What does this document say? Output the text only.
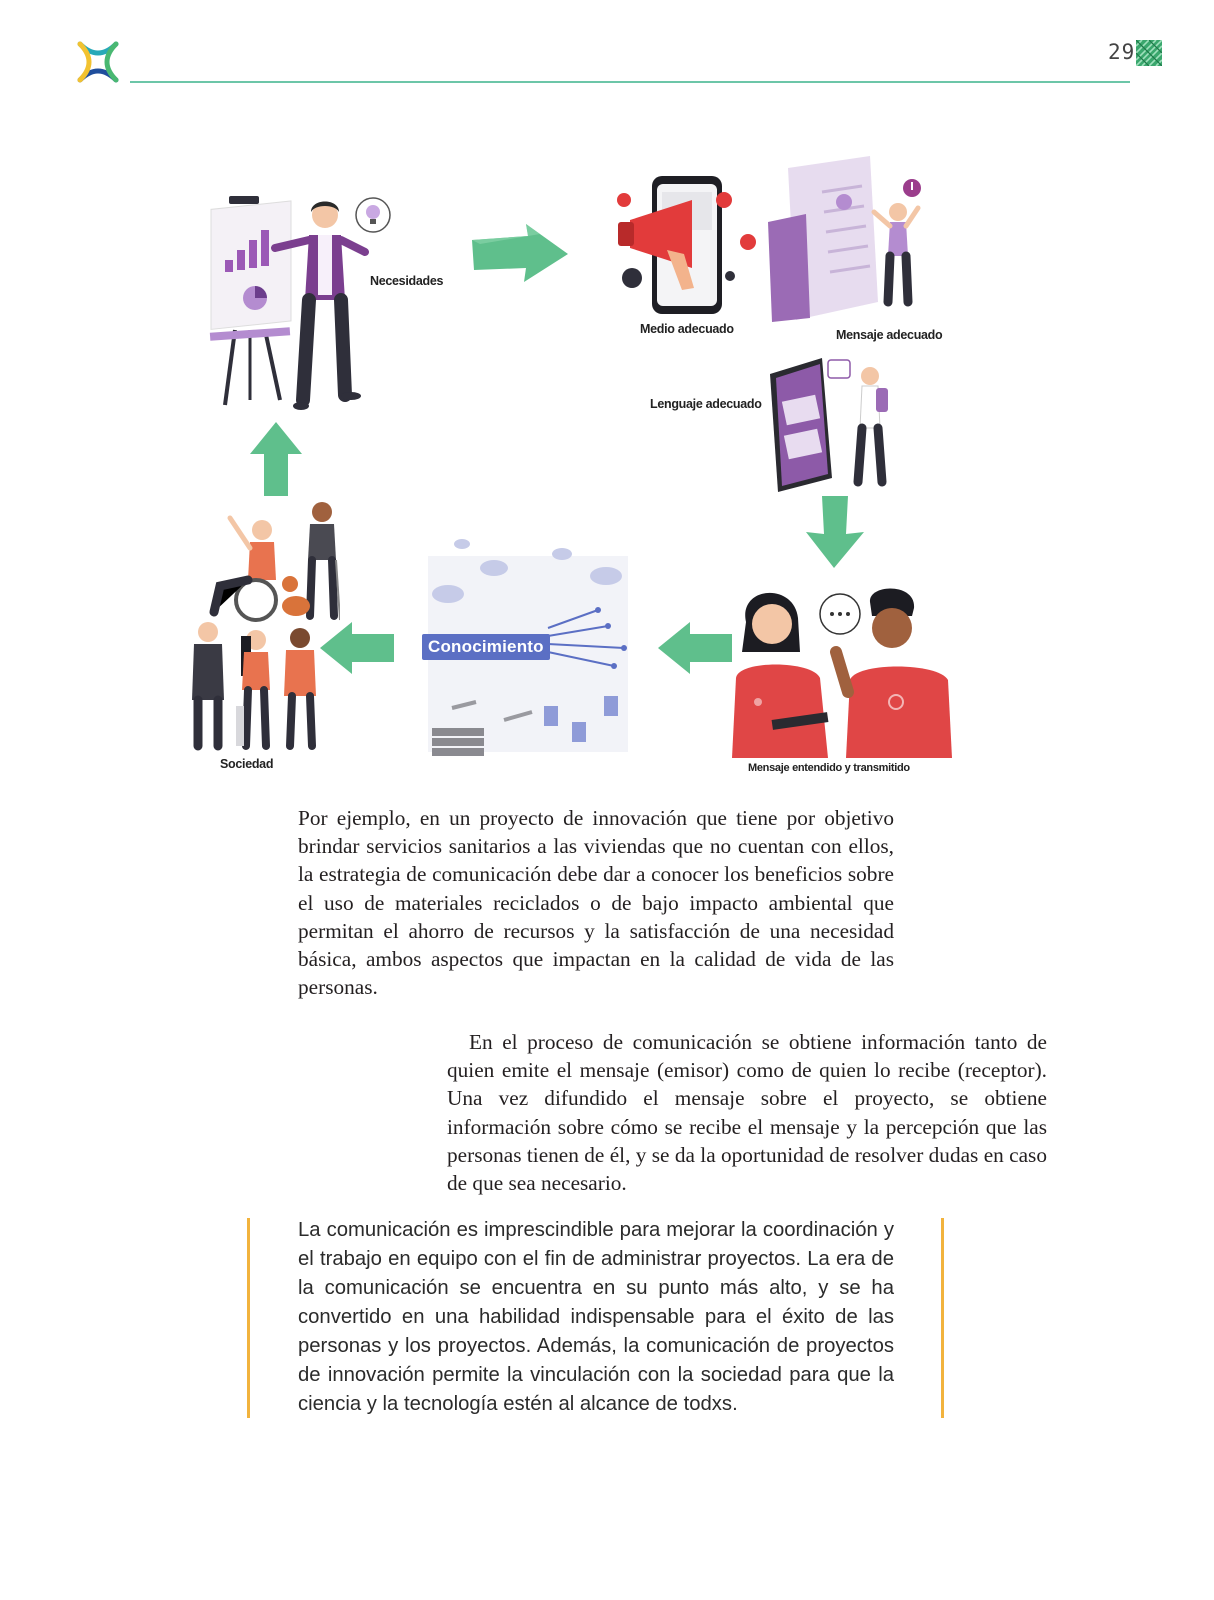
29
Necesidades
Medio adecuado	Mensaje adecuado
Lenguaje adecuado
Mensaje entendido y transmitido
Conocimiento
Sociedad

Por ejemplo, en un proyecto de innovación que tiene por objetivo brindar servicios sanitarios a las viviendas que no cuentan con ellos, la estrategia de comunicación debe dar a conocer los beneficios sobre el uso de materiales reciclados o de bajo impacto ambiental que permitan el ahorro de recursos y la satisfacción de una necesidad básica, ambos aspectos que impactan en la calidad de vida de las personas.

En el proceso de comunicación se obtiene información tanto de quien emite el mensaje (emisor) como de quien lo recibe (receptor). Una vez difundido el mensaje sobre el proyecto, se obtiene información sobre cómo se recibe el mensaje y la percepción que las personas tienen de él, y se da la oportunidad de resolver dudas en caso de que sea necesario.

La comunicación es imprescindible para mejorar la coordinación y el trabajo en equipo con el fin de administrar proyectos. La era de la comunicación se encuentra en su punto más alto, y se ha convertido en una habilidad indispensable para el éxito de las personas y los proyectos. Además, la comunicación de proyectos de innovación permite la vinculación con la sociedad para que la ciencia y la tecnología estén al alcance de todxs.
